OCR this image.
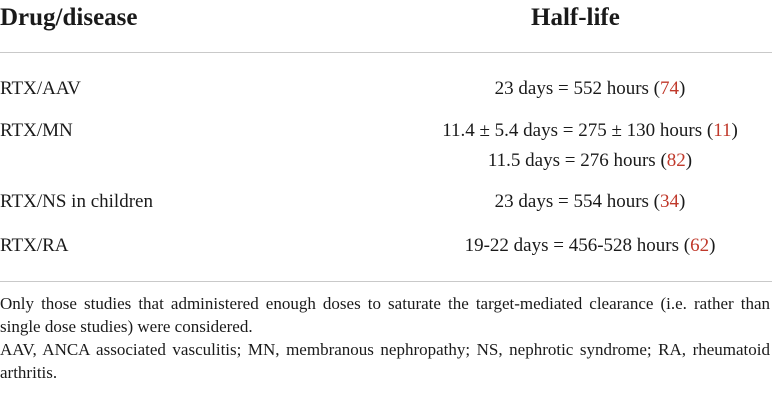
Drug/disease	Half-life
RTX/AAV	23 days = 552 hours (74)
RTX/MN	11.4 ± 5.4 days = 275 ± 130 hours (11)
11.5 days = 276 hours (82)
RTX/NS in children	23 days = 554 hours (34)
RTX/RA	19-22 days = 456-528 hours (62)
Only those studies that administered enough doses to saturate the target-mediated clearance (i.e. rather than single dose studies) were considered.
AAV, ANCA associated vasculitis; MN, membranous nephropathy; NS, nephrotic syndrome; RA, rheumatoid arthritis.
